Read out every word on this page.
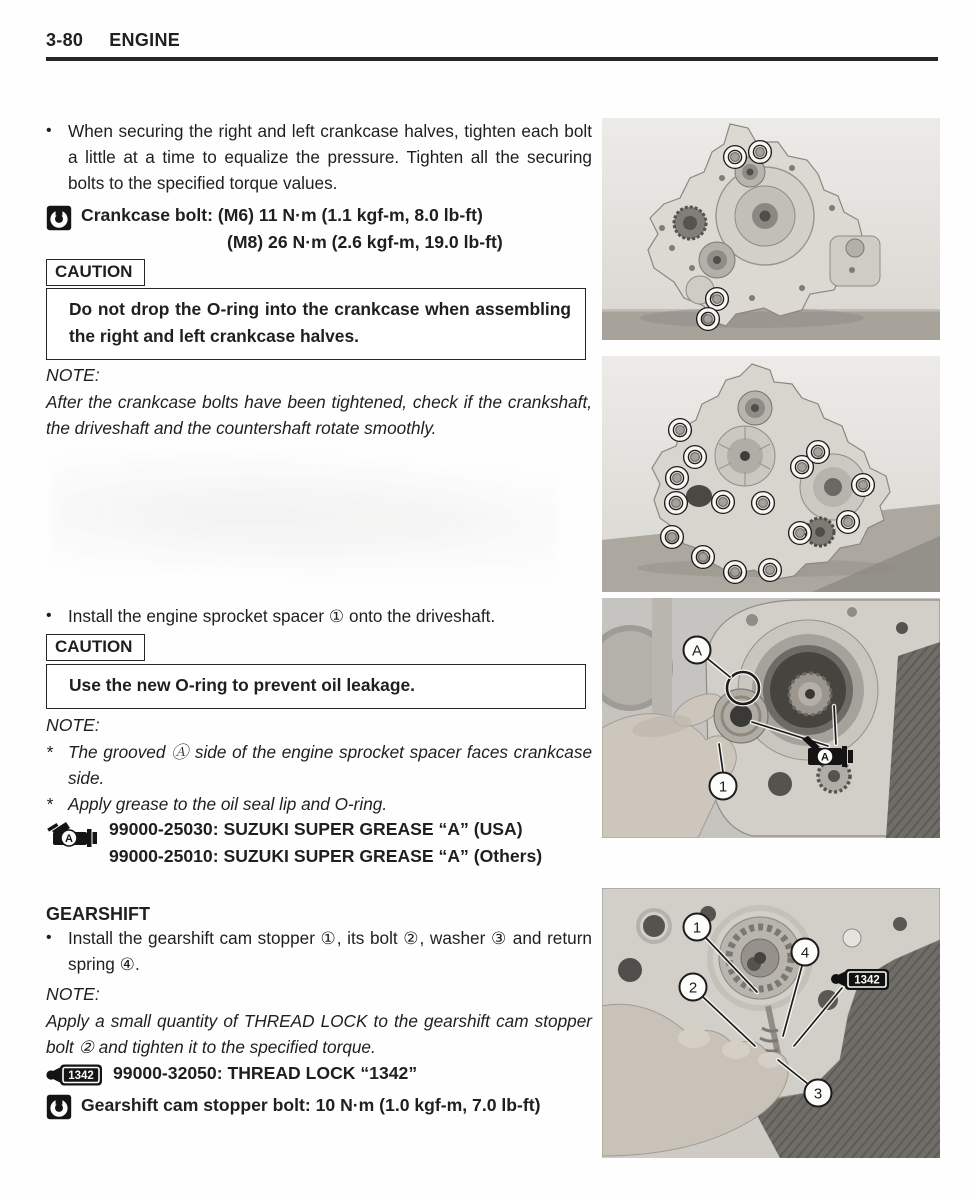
3-80 ENGINE
• When securing the right and left crankcase halves, tighten each bolt a little at a time to equalize the pressure. Tighten all the securing bolts to the specified torque values.
Crankcase bolt: (M6) 11 N·m (1.1 kgf-m, 8.0 lb-ft)
(M8) 26 N·m (2.6 kgf-m, 19.0 lb-ft)
CAUTION
Do not drop the O-ring into the crankcase when assembling the right and left crankcase halves.
NOTE:
After the crankcase bolts have been tightened, check if the crankshaft, the driveshaft and the countershaft rotate smoothly.
• Install the engine sprocket spacer ① onto the driveshaft.
CAUTION
Use the new O-ring to prevent oil leakage.
NOTE:
* The grooved Ⓐ side of the engine sprocket spacer faces crankcase side.
* Apply grease to the oil seal lip and O-ring.
A 99000-25030: SUZUKI SUPER GREASE “A” (USA)
99000-25010: SUZUKI SUPER GREASE “A” (Others)
GEARSHIFT
• Install the gearshift cam stopper ①, its bolt ②, washer ③ and return spring ④.
NOTE:
Apply a small quantity of THREAD LOCK to the gearshift cam stopper bolt ② and tighten it to the specified torque.
1342 99000-32050: THREAD LOCK “1342”
Gearshift cam stopper bolt: 10 N·m (1.0 kgf-m, 7.0 lb-ft)
A
1
A
1
2
4
3
1342
